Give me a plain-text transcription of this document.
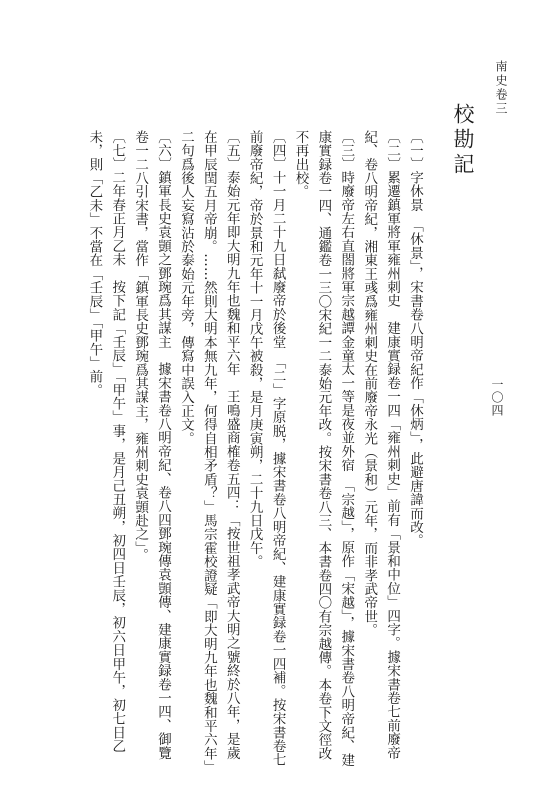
南史卷三
一〇四
校勘記

〔一〕字休景　「休景」，宋書卷八明帝紀作「休炳」，此避唐諱而改。

〔二〕累遷鎮軍將軍雍州刺史　建康實録卷一四「雍州刺史」前有「景和中位」四字。據宋書卷七前廢帝紀、卷八明帝紀，湘東王彧爲雍州刺史在前廢帝永光（景和）元年，而非孝武帝世。

〔三〕時廢帝左右直閤將軍宗越譚金童太一等是夜並外宿　「宗越」，原作「宋越」，據宋書卷八明帝紀、建康實録卷一四、通鑑卷一三〇宋紀一二泰始元年改。按宋書卷八三、本書卷四〇有宗越傳。本卷下文徑改不再出校。

〔四〕十一月二十九日弑廢帝於後堂　「二」字原脱，據宋書卷八明帝紀、建康實録卷一四補。按宋書卷七前廢帝紀，帝於景和元年十一月戊午被殺，是月庚寅朔，二十九日戊午。

〔五〕泰始元年即大明九年也魏和平六年　王鳴盛商榷卷五四：「按世祖孝武帝大明之號終於八年，是歲在甲辰閏五月帝崩。……然則大明本無九年，何得自相矛盾？」馬宗霍校證疑「即大明九年也魏和平六年」二句爲後人妄寫沾於泰始元年旁，傳寫中誤入正文。

〔六〕鎮軍長史袁顗之鄧琬爲其謀主　據宋書卷八明帝紀、卷八四鄧琬傳袁顗傳、建康實録卷一四、御覽卷一二八引宋書，當作「鎮軍長史鄧琬爲其謀主，雍州刺史袁顗赴之」。

〔七〕二年春正月乙未　按下記「壬辰」「甲午」事，是月己丑朔，初四日壬辰，初六日甲午，初七日乙未，則「乙未」不當在「壬辰」「甲午」前。
